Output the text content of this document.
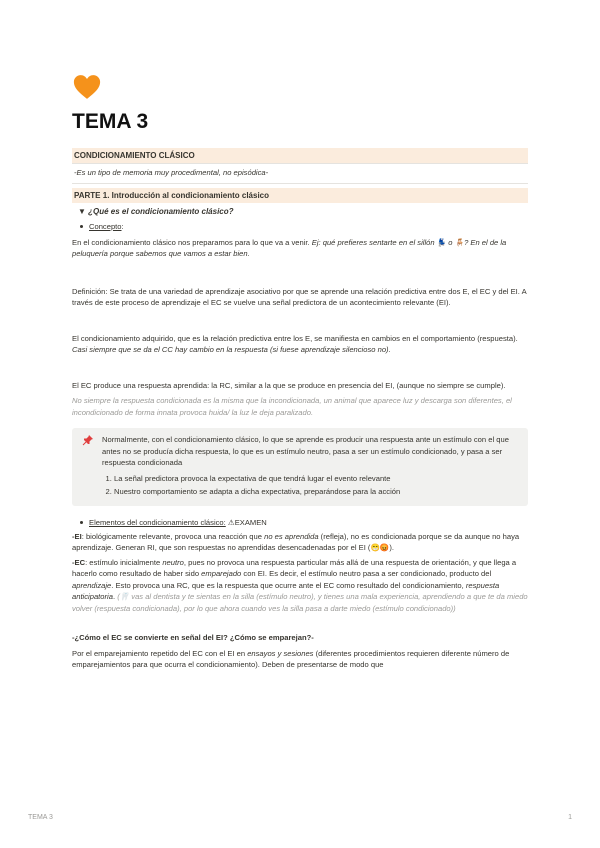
TEMA 3
CONDICIONAMIENTO CLÁSICO

-Es un tipo de memoria muy procedimental, no episódica-

PARTE 1. Introducción al condicionamiento clásico
▼ ¿Qué es el condicionamiento clásico?
Concepto:

En el condicionamiento clásico nos preparamos para lo que va a venir. Ej: qué prefieres sentarte en el sillón 💺 o 🪑? En el de la peluquería porque sabemos que vamos a estar bien.

Definición: Se trata de una variedad de aprendizaje asociativo por que se aprende una relación predictiva entre dos E, el EC y del EI. A través de este proceso de aprendizaje el EC se vuelve una señal predictora de un acontecimiento relevante (EI).

El condicionamiento adquirido, que es la relación predictiva entre los E, se manifiesta en cambios en el comportamiento (respuesta). Casi siempre que se da el CC hay cambio en la respuesta (si fuese aprendizaje silencioso no).

El EC produce una respuesta aprendida: la RC, similar a la que se produce en presencia del EI, (aunque no siempre se cumple).

No siempre la respuesta condicionada es la misma que la incondicionada, un animal que aparece luz y descarga son diferentes, el incondicionado de forma innata provoca huida/ la luz le deja paralizado.

Normalmente, con el condicionamiento clásico, lo que se aprende es producir una respuesta ante un estímulo con el que antes no se producía dicha respuesta, lo que es un estímulo neutro, pasa a ser un estímulo condicionado, y pasa a ser respuesta condicionada

1. La señal predictora provoca la expectativa de que tendrá lugar el evento relevante
2. Nuestro comportamiento se adapta a dicha expectativa, preparándose para la acción
Elementos del condicionamiento clásico: ⚠EXAMEN

-EI: biológicamente relevante, provoca una reacción que no es aprendida (refleja), no es condicionada porque se da aunque no haya aprendizaje. Generan RI, que son respuestas no aprendidas desencadenadas por el EI (😁😡).

-EC: estímulo inicialmente neutro, pues no provoca una respuesta particular más allá de una respuesta de orientación, y que llega a hacerlo como resultado de haber sido emparejado con EI. Es decir, el estímulo neutro pasa a ser condicionado, producto del aprendizaje. Esto provoca una RC, que es la respuesta que ocurre ante el EC como resultado del condicionamiento, respuesta anticipatoria. (🦷 vas al dentista y te sientas en la silla (estímulo neutro), y tienes una mala experiencia, aprendiendo a que te da miedo volver (respuesta condicionada), por lo que ahora cuando ves la silla pasa a darte miedo (estímulo condicionado))

-¿Cómo el EC se convierte en señal del EI? ¿Cómo se emparejan?-

Por el emparejamiento repetido del EC con el EI en ensayos y sesiones (diferentes procedimientos requieren diferente número de emparejamientos para que ocurra el condicionamiento). Deben de presentarse de modo que

TEMA 3	1
